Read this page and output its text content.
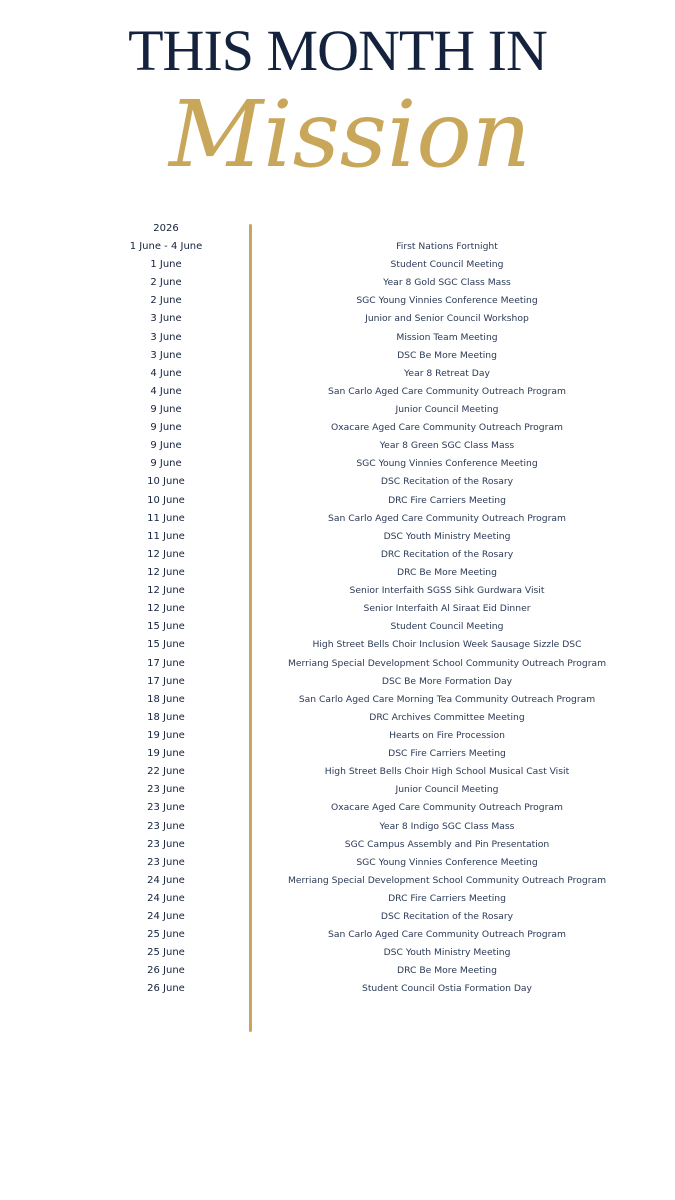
THIS MONTH IN
Mission
2026
1 June - 4 June	First Nations Fortnight
1 June	Student Council Meeting
2 June	Year 8 Gold SGC Class Mass
2 June	SGC Young Vinnies Conference Meeting
3 June	Junior and Senior Council Workshop
3 June	Mission Team Meeting
3 June	DSC Be More Meeting
4 June	Year 8 Retreat Day
4 June	San Carlo Aged Care Community Outreach Program
9 June	Junior Council Meeting
9 June	Oxacare Aged Care Community Outreach Program
9 June	Year 8 Green SGC Class Mass
9 June	SGC Young Vinnies Conference Meeting
10 June	DSC Recitation of the Rosary
10 June	DRC Fire Carriers Meeting
11 June	San Carlo Aged Care Community Outreach Program
11 June	DSC Youth Ministry Meeting
12 June	DRC Recitation of the Rosary
12 June	DRC Be More Meeting
12 June	Senior Interfaith SGSS Sihk Gurdwara Visit
12 June	Senior Interfaith Al Siraat Eid Dinner
15 June	Student Council Meeting
15 June	High Street Bells Choir Inclusion Week Sausage Sizzle DSC
17 June	Merriang Special Development School Community Outreach Program
17 June	DSC Be More Formation Day
18 June	San Carlo Aged Care Morning Tea Community Outreach Program
18 June	DRC Archives Committee Meeting
19 June	Hearts on Fire Procession
19 June	DSC Fire Carriers Meeting
22 June	High Street Bells Choir High School Musical Cast Visit
23 June	Junior Council Meeting
23 June	Oxacare Aged Care Community Outreach Program
23 June	Year 8 Indigo SGC Class Mass
23 June	SGC Campus Assembly and Pin Presentation
23 June	SGC Young Vinnies Conference Meeting
24 June	Merriang Special Development School Community Outreach Program
24 June	DRC Fire Carriers Meeting
24 June	DSC Recitation of the Rosary
25 June	San Carlo Aged Care Community Outreach Program
25 June	DSC Youth Ministry Meeting
26 June	DRC Be More Meeting
26 June	Student Council Ostia Formation Day
